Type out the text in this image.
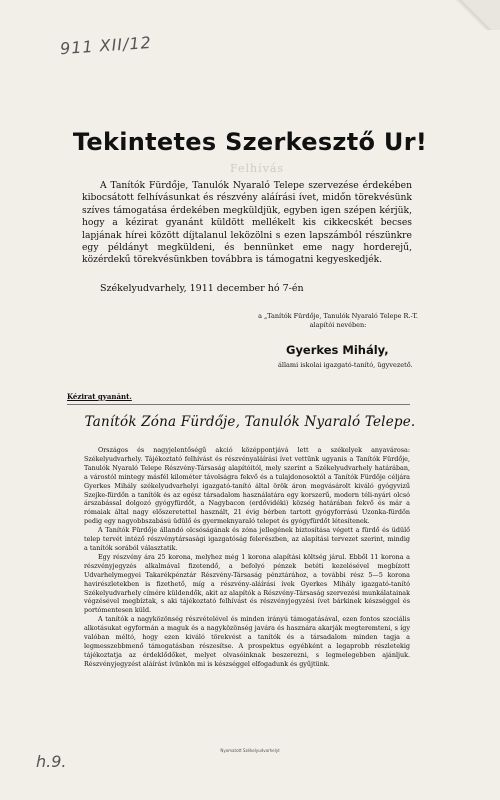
911 XII/12
Tekintetes Szerkesztő Ur!
Felhívás
A Tanítók Fürdője, Tanulók Nyaraló Telepe szervezése érdekében kibocsátott felhívásunkat és részvény aláírási ívet, midőn törekvésünk szíves támogatása érdekében megküldjük, egyben igen szépen kérjük, hogy a kézirat gyanánt küldött mellékelt kis cikkecskét becses lapjának hírei között díjtalanul leközölni s ezen lapszámból részünkre egy példányt megküldeni, és bennünket eme nagy horderejű, közérdekű törekvésünkben továbbra is támogatni kegyeskedjék.
Székelyudvarhely, 1911 december hó 7-én
a „Tanítók Fürdője, Tanulók Nyaraló Telepe R.-T. alapítói nevében:
Gyerkes Mihály,
állami iskolai igazgató-tanító, ügyvezető.
Kézirat gyanánt.
Tanítók Zóna Fürdője, Tanulók Nyaraló Telepe.

Országos és nagyjelentőségű akció középpontjává lett a székelyek anyavárosa: Székelyudvarhely. Tájékoztató felhívást és részvényaláírási ívet vettünk ugyanis a Tanítók Fürdője, Tanulók Nyaraló Telepe Részvény-Társaság alapítóitól, mely szerint a Székelyudvarhely határában, a várostól mintegy másfél kilométer távolságra fekvő és a tulajdonosoktól a Tanítók Fürdője céljára Gyerkes Mihály székelyudvarhelyi igazgató-tanító által örök áron megvásárolt kiváló gyógyvizű Szejke-fürdőn a tanítók és az egész társadalom használatára egy korszerű, modern téli-nyári olcsó árszabással dolgozó gyógyfürdőt, a Nagybacon (erdővidéki) község határában fekvő és már a rómaiak által nagy előszeretettel használt, 21 évig bérben tartott gyógyforrású Uzonka-fürdőn pedig egy nagyobbszabású üdülő és gyermeknyaraló telepet és gyógyfürdőt létesítenek.

A Tanítók Fürdője állandó olcsóságának és zóna jellegének biztosítása végett a fürdő és üdülő telep tervét intéző részvénytársasági igazgatóság felerészben, az alapítási tervezet szerint, mindig a tanítók sorából választatik.

Egy részvény ára 25 korona, melyhez még 1 korona alapítási költség járul. Ebből 11 korona a részvényjegyzés alkalmával fizetendő, a befolyó pénzek betéti kezelésével megbízott Udvarhelymegyei Takarékpénztár Részvény-Társaság pénztárához, a további rész 5—5 korona havirészletekben is fizethető, míg a részvény-aláírási ívek Gyerkes Mihály igazgató-tanító Székelyudvarhely címére küldendők, akit az alapítók a Részvény-Társaság szervezési munkálatainak végzésével megbíztak, s aki tájékoztató felhívást és részvényjegyzési ívet bárkinek készséggel és portómentesen küld.

A tanítók a nagyközönség részvételével és minden irányú támogatásával, ezen fontos szociális alkotásukat egyformán a maguk és a nagyközönség javára és hasznára akarják megteremteni, s így valóban méltó, hogy ezen kiváló törekvést a tanítók és a társadalom minden tagja a legmesszebbmenő támogatásban részesítse. A prospektus egyébként a legaprobb részletekig tájékoztatja az érdeklődőket, melyet olvasóinknak beszerezni, s legmelegebben ajánljuk. Részvényjegyzést aláírást ívünkön mi is készséggel elfogadunk és gyűjtünk.

Nyomatott Székelyudvarhelyt
h.9.
